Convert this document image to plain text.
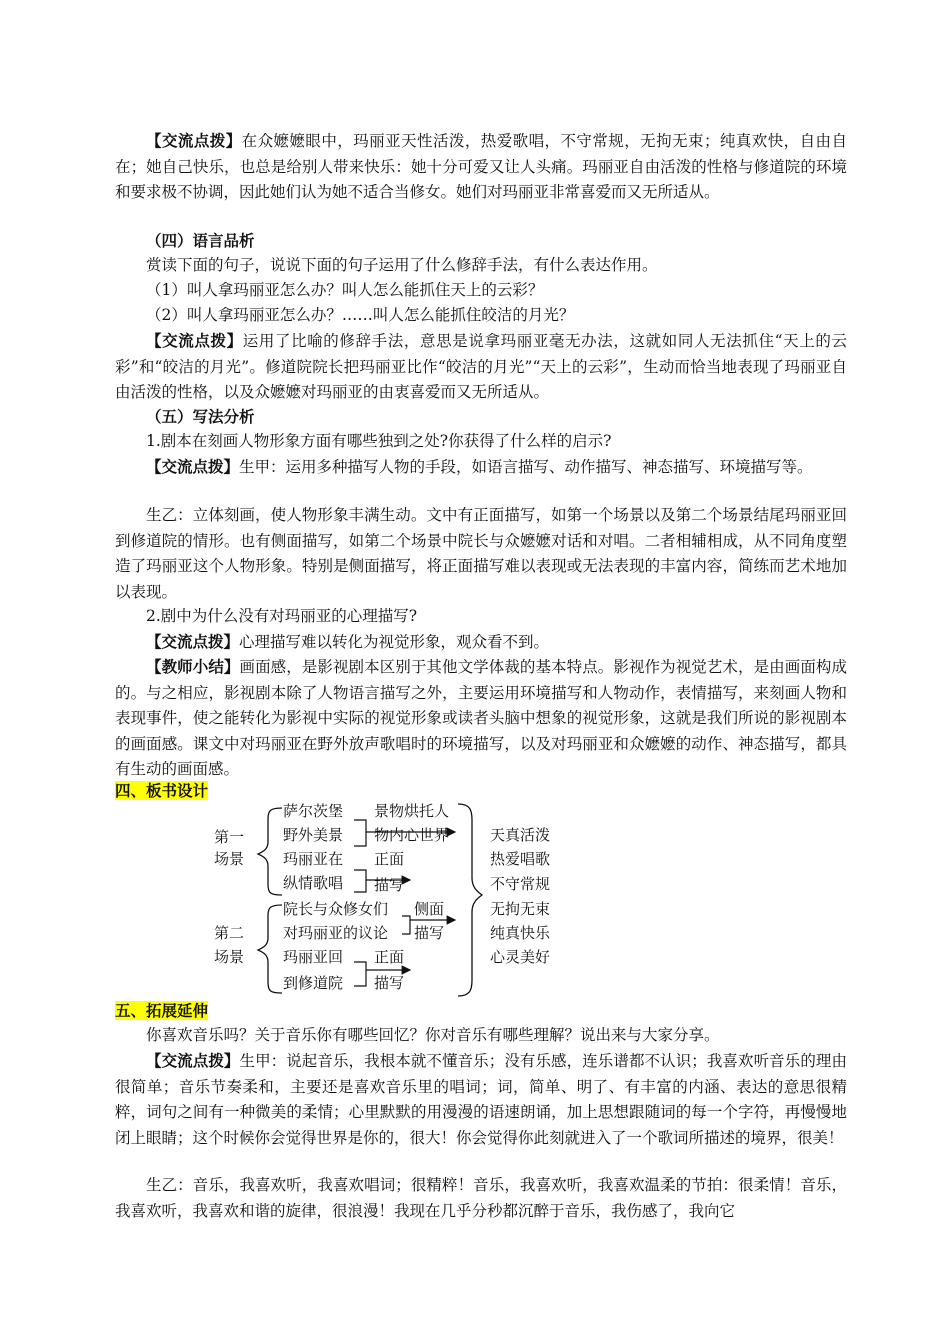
【交流点拨】在众嬷嬷眼中，玛丽亚天性活泼，热爱歌唱，不守常规，无拘无束；纯真欢快，自由自在；她自己快乐，也总是给别人带来快乐：她十分可爱又让人头痛。玛丽亚自由活泼的性格与修道院的环境和要求极不协调，因此她们认为她不适合当修女。她们对玛丽亚非常喜爱而又无所适从。
（四）语言品析
赏读下面的句子，说说下面的句子运用了什么修辞手法，有什么表达作用。
（1）叫人拿玛丽亚怎么办？叫人怎么能抓住天上的云彩？
（2）叫人拿玛丽亚怎么办？……叫人怎么能抓住皎洁的月光？
【交流点拨】运用了比喻的修辞手法，意思是说拿玛丽亚毫无办法，这就如同人无法抓住“天上的云彩”和“皎洁的月光”。修道院院长把玛丽亚比作“皎洁的月光”“天上的云彩”，生动而恰当地表现了玛丽亚自由活泼的性格，以及众嬷嬷对玛丽亚的由衷喜爱而又无所适从。
（五）写法分析
1.剧本在刻画人物形象方面有哪些独到之处?你获得了什么样的启示?
【交流点拨】生甲：运用多种描写人物的手段，如语言描写、动作描写、神态描写、环境描写等。
生乙：立体刻画，使人物形象丰满生动。文中有正面描写，如第一个场景以及第二个场景结尾玛丽亚回到修道院的情形。也有侧面描写，如第二个场景中院长与众嬷嬷对话和对唱。二者相辅相成，从不同角度塑造了玛丽亚这个人物形象。特别是侧面描写，将正面描写难以表现或无法表现的丰富内容，简练而艺术地加以表现。
2.剧中为什么没有对玛丽亚的心理描写?
【交流点拨】心理描写难以转化为视觉形象，观众看不到。
【教师小结】画面感，是影视剧本区别于其他文学体裁的基本特点。影视作为视觉艺术，是由画面构成的。与之相应，影视剧本除了人物语言描写之外，主要运用环境描写和人物动作，表情描写，来刻画人物和表现事件，使之能转化为影视中实际的视觉形象或读者头脑中想象的视觉形象，这就是我们所说的影视剧本的画面感。课文中对玛丽亚在野外放声歌唱时的环境描写，以及对玛丽亚和众嬷嬷的动作、神态描写，都具有生动的画面感。
四、板书设计
第一
场景
第二
场景
萨尔茨堡
野外美景
玛丽亚在
纵情歌唱
景物烘托人
物内心世界
正面
描写
院长与众修女们
对玛丽亚的议论
玛丽亚回
到修道院
侧面
描写
正面
描写
天真活泼
热爱唱歌
不守常规
无拘无束
纯真快乐
心灵美好
五、拓展延伸
你喜欢音乐吗？关于音乐你有哪些回忆？你对音乐有哪些理解？说出来与大家分享。
【交流点拨】生甲：说起音乐，我根本就不懂音乐；没有乐感，连乐谱都不认识；我喜欢听音乐的理由很简单；音乐节奏柔和，主要还是喜欢音乐里的唱词；词，简单、明了、有丰富的内涵、表达的意思很精粹，词句之间有一种微美的柔情；心里默默的用漫漫的语速朗诵，加上思想跟随词的每一个字符，再慢慢地闭上眼睛；这个时候你会觉得世界是你的，很大！你会觉得你此刻就进入了一个歌词所描述的境界，很美！
生乙：音乐，我喜欢听，我喜欢唱词；很精粹！音乐，我喜欢听，我喜欢温柔的节拍：很柔情！音乐，我喜欢听，我喜欢和谐的旋律，很浪漫！我现在几乎分秒都沉醉于音乐，我伤感了，我向它
